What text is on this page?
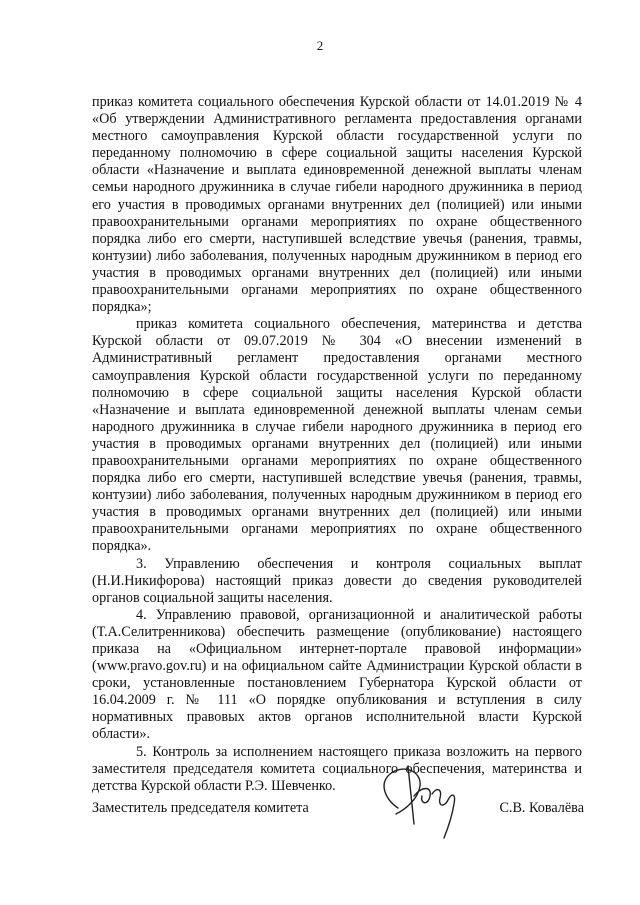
2

приказ комитета социального обеспечения Курской области от 14.01.2019 № 4 «Об утверждении Административного регламента предоставления органами местного самоуправления Курской области государственной услуги по переданному полномочию в сфере социальной защиты населения Курской области «Назначение и выплата единовременной денежной выплаты членам семьи народного дружинника в случае гибели народного дружинника в период его участия в проводимых органами внутренних дел (полицией) или иными правоохранительными органами мероприятиях по охране общественного порядка либо его смерти, наступившей вследствие увечья (ранения, травмы, контузии) либо заболевания, полученных народным дружинником в период его участия в проводимых органами внутренних дел (полицией) или иными правоохранительными органами мероприятиях по охране общественного порядка»;

приказ комитета социального обеспечения, материнства и детства Курской области от 09.07.2019 № 304 «О внесении изменений в Административный регламент предоставления органами местного самоуправления Курской области государственной услуги по переданному полномочию в сфере социальной защиты населения Курской области «Назначение и выплата единовременной денежной выплаты членам семьи народного дружинника в случае гибели народного дружинника в период его участия в проводимых органами внутренних дел (полицией) или иными правоохранительными органами мероприятиях по охране общественного порядка либо его смерти, наступившей вследствие увечья (ранения, травмы, контузии) либо заболевания, полученных народным дружинником в период его участия в проводимых органами внутренних дел (полицией) или иными правоохранительными органами мероприятиях по охране общественного порядка».

3. Управлению обеспечения и контроля социальных выплат (Н.И.Никифорова) настоящий приказ довести до сведения руководителей органов социальной защиты населения.

4. Управлению правовой, организационной и аналитической работы (Т.А.Селитренникова) обеспечить размещение (опубликование) настоящего приказа на «Официальном интернет-портале правовой информации» (www.pravo.gov.ru) и на официальном сайте Администрации Курской области в сроки, установленные постановлением Губернатора Курской области от 16.04.2009 г. № 111 «О порядке опубликования и вступления в силу нормативных правовых актов органов исполнительной власти Курской области».

5. Контроль за исполнением настоящего приказа возложить на первого заместителя председателя комитета социального обеспечения, материнства и детства Курской области Р.Э. Шевченко.

Заместитель председателя комитета	С.В. Ковалёва
